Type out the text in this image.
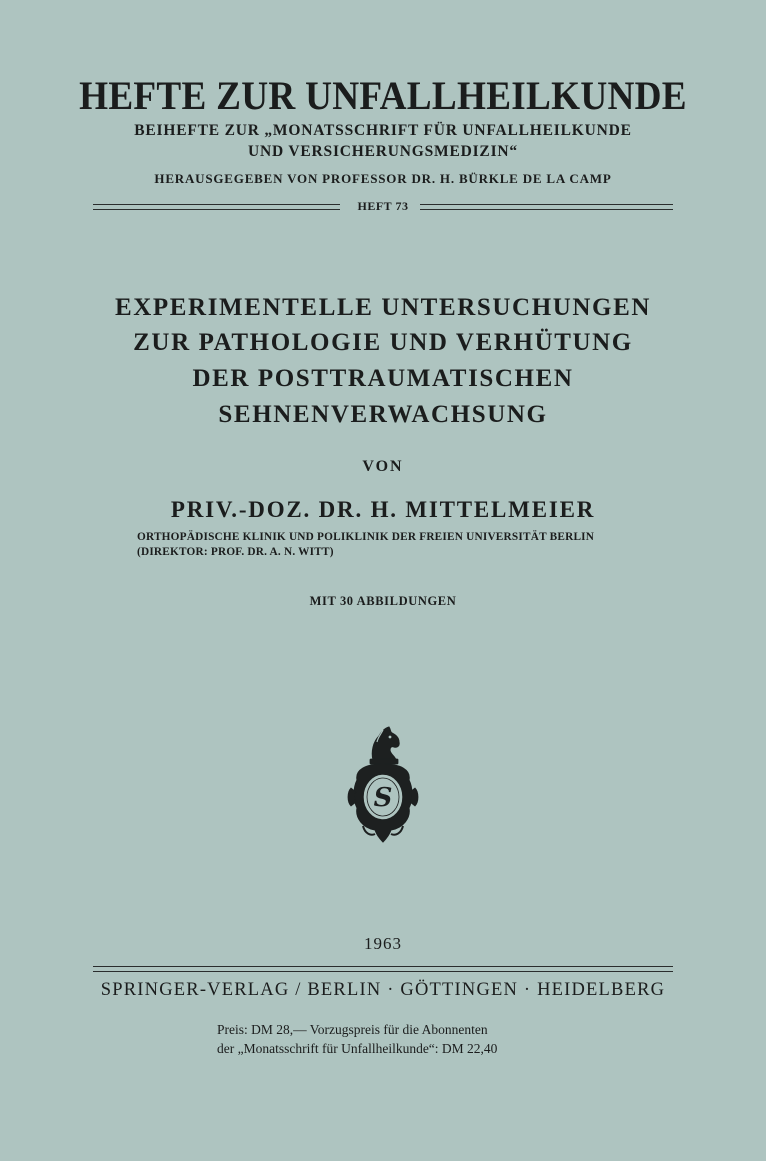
HEFTE ZUR UNFALLHEILKUNDE
BEIHEFTE ZUR „MONATSSCHRIFT FÜR UNFALLHEILKUNDE
UND VERSICHERUNGSMEDIZIN“
HERAUSGEGEBEN VON PROFESSOR DR. H. BÜRKLE DE LA CAMP
HEFT 73
EXPERIMENTELLE UNTERSUCHUNGEN
ZUR PATHOLOGIE UND VERHÜTUNG
DER POSTTRAUMATISCHEN
SEHNENVERWACHSUNG
VON
PRIV.-DOZ. DR. H. MITTELMEIER
ORTHOPÄDISCHE KLINIK UND POLIKLINIK DER FREIEN UNIVERSITÄT BERLIN
(DIREKTOR: PROF. DR. A. N. WITT)
MIT 30 ABBILDUNGEN
S
1963
SPRINGER-VERLAG / BERLIN · GÖTTINGEN · HEIDELBERG
Preis: DM 28,— Vorzugspreis für die Abonnenten
der „Monatsschrift für Unfallheilkunde“: DM 22,40
